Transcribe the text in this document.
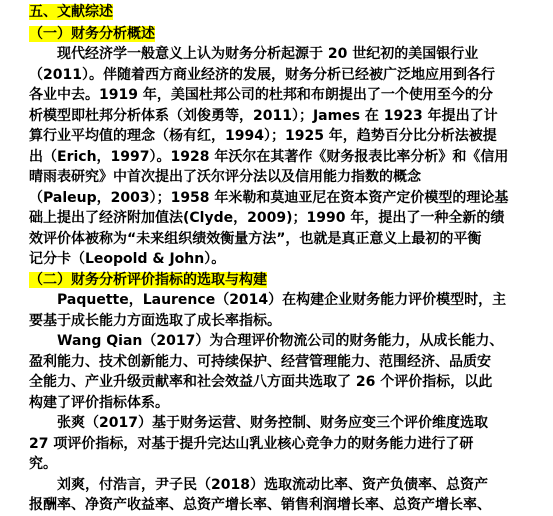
五、文献综述
（一）财务分析概述
现代经济学一般意义上认为财务分析起源于 20 世纪初的美国银行业
（2011）。伴随着西方商业经济的发展，财务分析已经被广泛地应用到各行
各业中去。1919 年，美国杜邦公司的杜邦和布朗提出了一个使用至今的分
析模型即杜邦分析体系（刘俊勇等，2011）；James 在 1923 年提出了计
算行业平均值的理念（杨有红，1994）；1925 年，趋势百分比分析法被提
出（Erich，1997）。1928 年沃尔在其著作《财务报表比率分析》和《信用
晴雨表研究》中首次提出了沃尔评分法以及信用能力指数的概念
（Paleup，2003）；1958 年米勒和莫迪亚尼在资本资产定价模型的理论基
础上提出了经济附加值法(Clyde，2009)；1990 年，提出了一种全新的绩
效评价体被称为“未来组织绩效衡量方法”，也就是真正意义上最初的平衡
记分卡（Leopold & John）。
（二）财务分析评价指标的选取与构建
Paquette，Laurence（2014）在构建企业财务能力评价模型时，主
要基于成长能力方面选取了成长率指标。
Wang Qian（2017）为合理评价物流公司的财务能力，从成长能力、
盈利能力、技术创新能力、可持续保护、经营管理能力、范围经济、品质安
全能力、产业升级贡献率和社会效益八方面共选取了 26 个评价指标，以此
构建了评价指标体系。
张爽（2017）基于财务运营、财务控制、财务应变三个评价维度选取
27 项评价指标，对基于提升完达山乳业核心竞争力的财务能力进行了研
究。
刘爽，付浩言，尹子民（2018）选取流动比率、资产负债率、总资产
报酬率、净资产收益率、总资产增长率、销售利润增长率、总资产增长率、
